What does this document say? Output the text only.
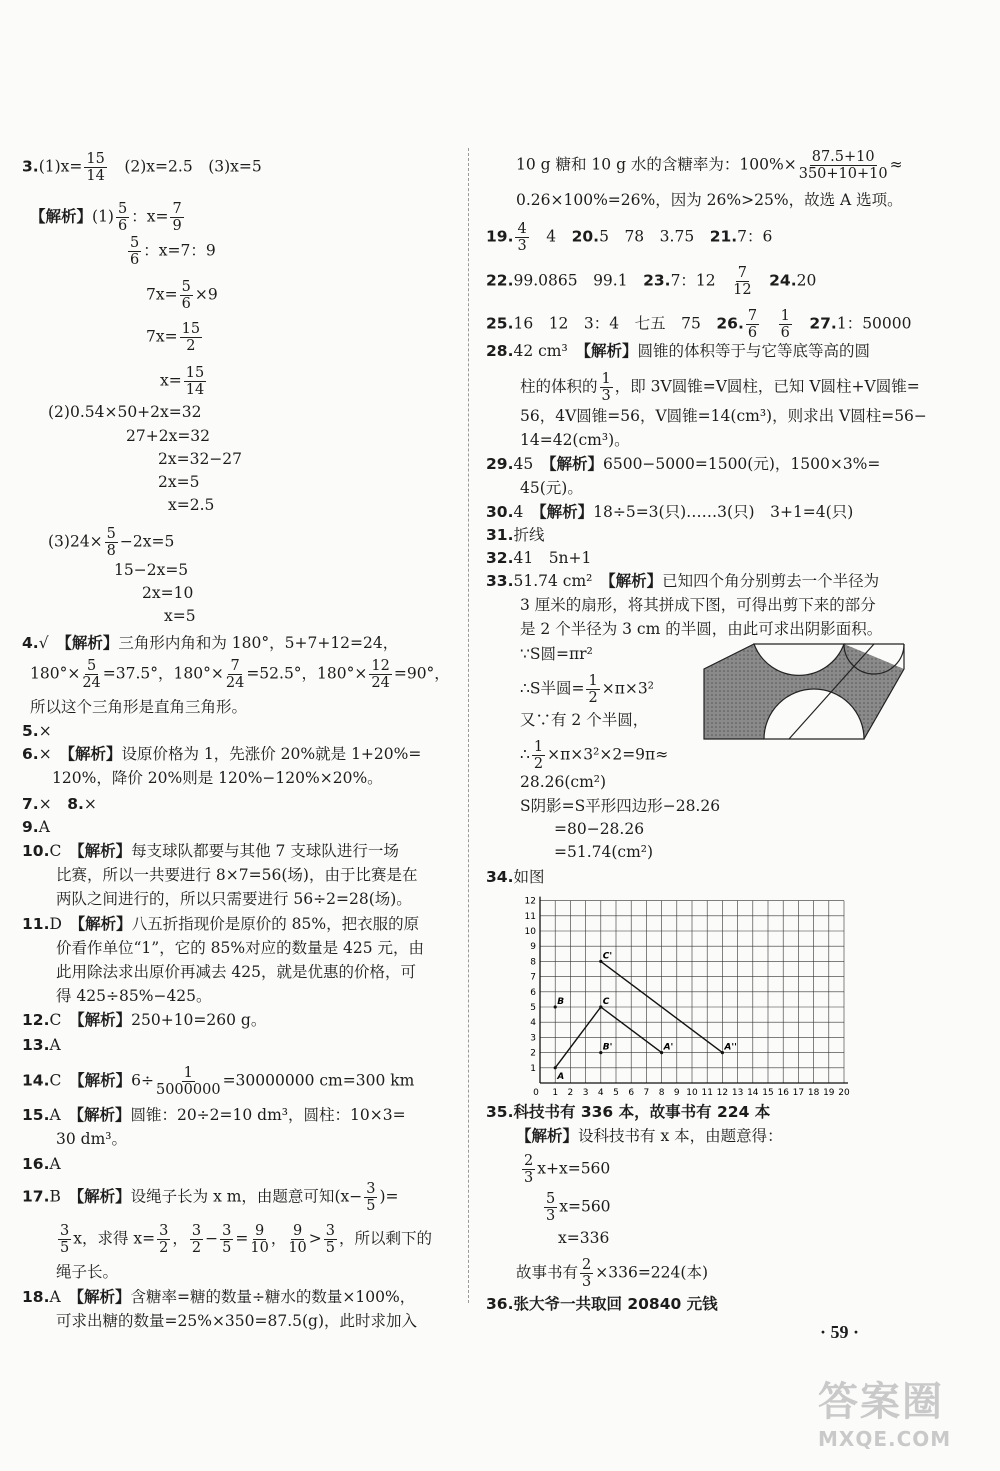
$3.(1)x= \frac{15}{14}$
　 (2)x=2.5　 (3)x=5
【解析】$(1) \frac{5}{6}$ ：$x= \frac{7}{9}$
$\frac{5}{6}$ ：x=7：9
$7x= \frac{5}{6} \times 9$
$7x= \frac{15}{2}$
$x= \frac{15}{14}$
(2)0.54×50+2x=32
27+2x=32
2x=32−27
2x=5
x=2.5
$(3)24\times \frac{5}{8} -2x=5$
15−2x=5
2x=10
x=5
4.√　 【解析】三角形内角和为 180°，5+7+12=24，
$180^\circ\times \frac{5}{24} =37.5^\circ$，$180^\circ\times \frac{7}{24} =52.5^\circ$，$180^\circ\times \frac{12}{24} =90^\circ$，
所以这个三角形是直角三角形。
5.×
6.×　 【解析】设原价格为 1，先涨价 20%就是 1+20%=
120%，降价 20%则是 120%−120%×20%。
7.×　 8.×
9.A
10.C　 【解析】每支球队都要与其他 7 支球队进行一场
比赛，所以一共要进行 8×7=56(场)，由于比赛是在
两队之间进行的，所以只需要进行 56÷2=28(场)。
11.D　 【解析】八五折指现价是原价的 85%，把衣服的原
价看作单位“1”，它的 85%对应的数量是 425 元，由
此用除法求出原价再减去 425，就是优惠的价格，可
得 425÷85%−425。
12.C　 【解析】250+10=260 g。
13.A
14.C　 【解析】$6\div \frac{1}{5000000} =30000000$ cm=300 km
15.A　 【解析】圆锥：20÷2=10 dm³，圆柱：10×3=
30 dm³。
16.A
17.B　 【解析】设绳子长为 x m，由题意可知($x- \frac{3}{5}$ )=
$\frac{3}{5}$ x，求得 $x= \frac{3}{2}$ ， $\frac{3}{2} - \frac{3}{5} = \frac{9}{10}$ ， $\frac{9}{10} > \frac{3}{5}$ ，所以剩下的
绳子长。
18.A　 【解析】含糖率=糖的数量÷糖水的数量×100%，
可求出糖的数量=25%×350=87.5(g)，此时求加入
10 g 糖和 10 g 水的含糖率为：$100\%\times \frac{87.5+10}{350+10+10}$ ≈
0.26×100%=26%，因为 26%>25%，故选 A 选项。
19. $\frac{4}{3}$
　 4　 20.5　78　3.75　 21.7：6
22.99.0865　99.1　 23.7：12　 $\frac{7}{12}$
　 24.20
25.16　12　3：4　七五　75　 26. $\frac{7}{6}$
　 $\frac{1}{6}$
　 27.1：50000
28.42 cm³　 【解析】圆锥的体积等于与它等底等高的圆
柱的体积的 $\frac{1}{3}$ ，即 3V圆锥=V圆柱，已知 V圆柱+V圆锥=
56，4V圆锥=56，V圆锥=14(cm³)，则求出 V圆柱=56−
14=42(cm³)。
29.45　 【解析】6500−5000=1500(元)，1500×3%=
45(元)。
30.4　 【解析】18÷5=3(只)……3(只)　3+1=4(只)
31.折线
32.41　5n+1
33.51.74 cm²　 【解析】已知四个角分别剪去一个半径为
3 厘米的扇形，将其拼成下图，可得出剪下来的部分
是 2 个半径为 3 cm 的半圆，由此可求出阴影面积。
∵S圆=πr²
∴S半圆= $\frac{1}{2} \times\pi\times 3^2$
又∵有 2 个半圆，
∴ $\frac{1}{2} \times\pi\times 3^2\times 2=9\pi\approx$
28.26(cm²)
S阴影=S平形四边形−28.26
=80−28.26
=51.74(cm²)
34.如图
0 1 2 3 4 5 6 7 8 9 10 11 12 13 14 15 16 17 18 19 20
1
2
3
4
5
6
7
8
9
10
11
12
A
B	C
B'	A'
C'
A''
35.科技书有 336 本，故事书有 224 本
【解析】设科技书有 x 本，由题意得：
$\frac{2}{3} x+x=560$
$\frac{5}{3} x=560$
x=336
故事书有 $\frac{2}{3} \times 336=224$(本)
36.张大爷一共取回 20840 元钱
· 59 ·
答案圈
MXQE.COM
